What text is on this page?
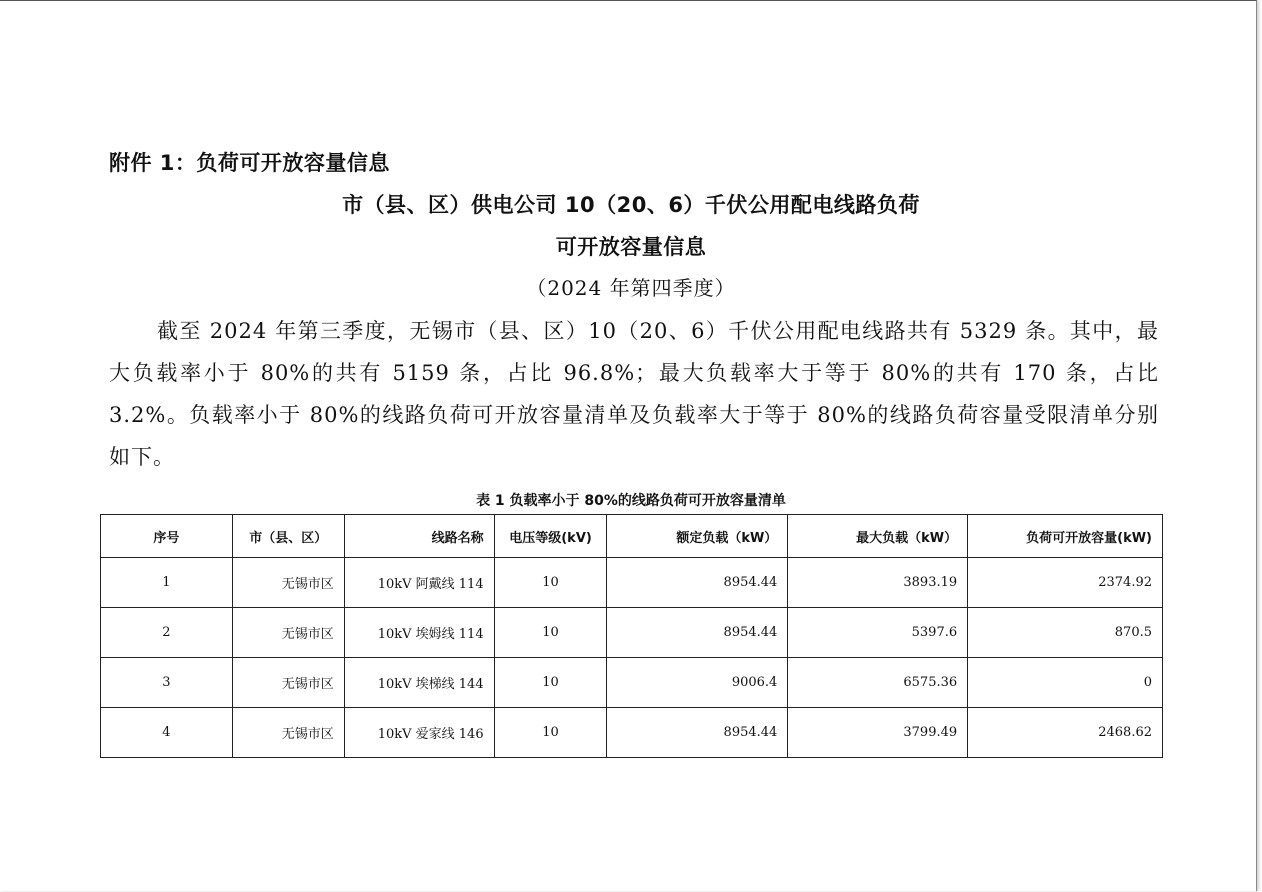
附件 1：负荷可开放容量信息
市（县、区）供电公司 10（20、6）千伏公用配电线路负荷
可开放容量信息
（2024 年第四季度）

截至 2024 年第三季度，无锡市（县、区）10（20、6）千伏公用配电线路共有 5329 条。其中，最大负载率小于 80%的共有 5159 条，占比 96.8%；最大负载率大于等于 80%的共有 170 条，占比 3.2%。负载率小于 80%的线路负荷可开放容量清单及负载率大于等于 80%的线路负荷容量受限清单分别如下。

表 1 负载率小于 80%的线路负荷可开放容量清单
序号	市（县、区）	线路名称	电压等级(kV)	额定负载（kW）	最大负载（kW）	负荷可开放容量(kW)
1	无锡市区	10kV 阿戴线 114	10	8954.44	3893.19	2374.92
2	无锡市区	10kV 埃姆线 114	10	8954.44	5397.6	870.5
3	无锡市区	10kV 埃梯线 144	10	9006.4	6575.36	0
4	无锡市区	10kV 爱家线 146	10	8954.44	3799.49	2468.62
